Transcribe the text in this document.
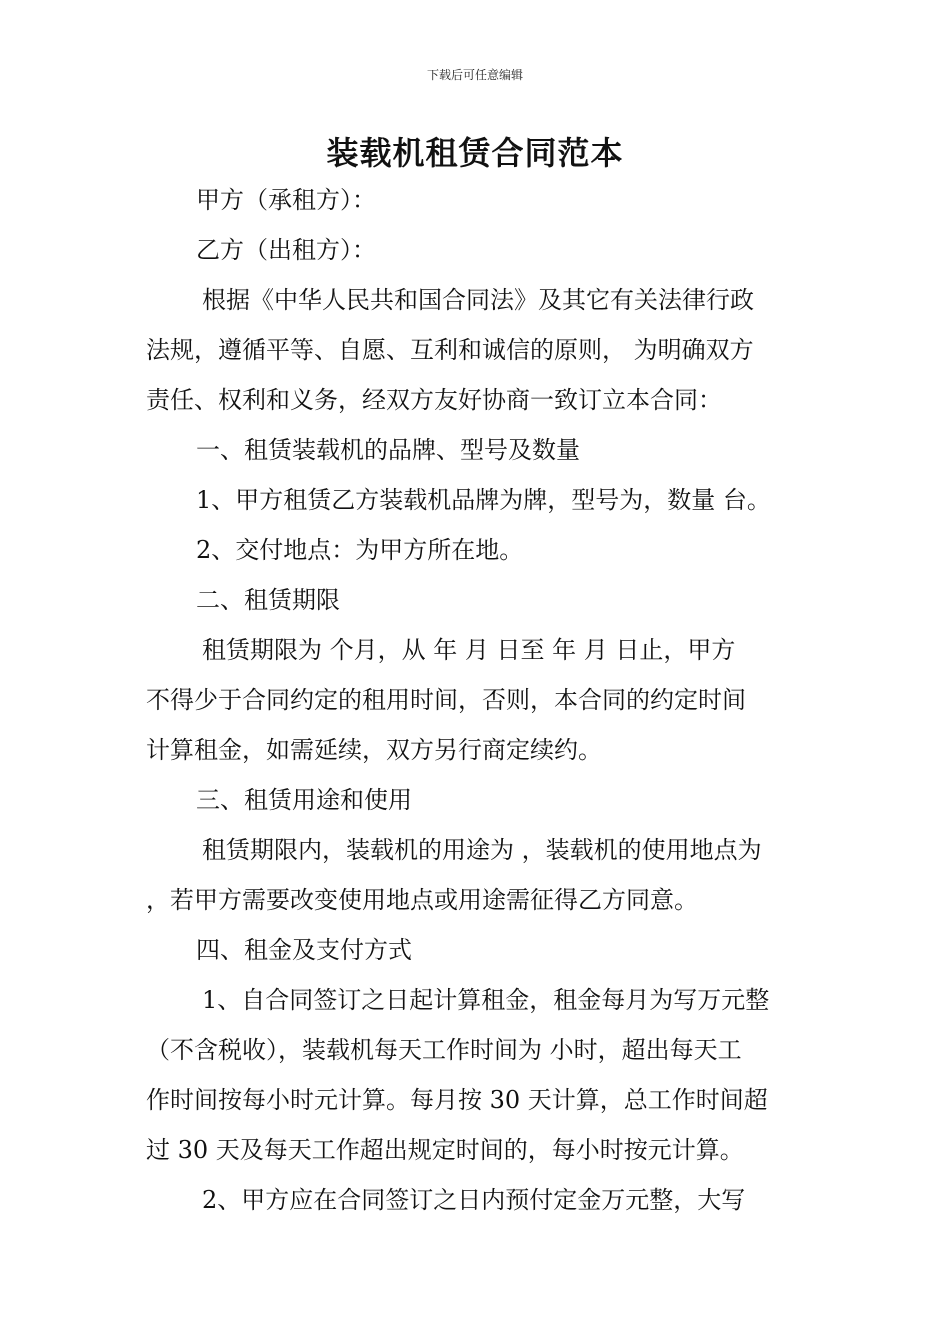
下载后可任意编辑
装载机租赁合同范本
甲方（承租方）：
乙方（出租方）：
根据《中华人民共和国合同法》及其它有关法律行政
法规，遵循平等、自愿、互利和诚信的原则， 为明确双方
责任、权利和义务，经双方友好协商一致订立本合同：
一、租赁装载机的品牌、型号及数量
1、甲方租赁乙方装载机品牌为牌，型号为，数量 台。
2、交付地点：为甲方所在地。
二、租赁期限
租赁期限为 个月，从 年 月 日至 年 月 日止，甲方
不得少于合同约定的租用时间，否则，本合同的约定时间
计算租金，如需延续，双方另行商定续约。
三、租赁用途和使用
租赁期限内，装载机的用途为 ，装载机的使用地点为
，若甲方需要改变使用地点或用途需征得乙方同意。
四、租金及支付方式
1、自合同签订之日起计算租金，租金每月为写万元整
（不含税收），装载机每天工作时间为 小时，超出每天工
作时间按每小时元计算。每月按 30 天计算，总工作时间超
过 30 天及每天工作超出规定时间的，每小时按元计算。
2、甲方应在合同签订之日内预付定金万元整，大写
